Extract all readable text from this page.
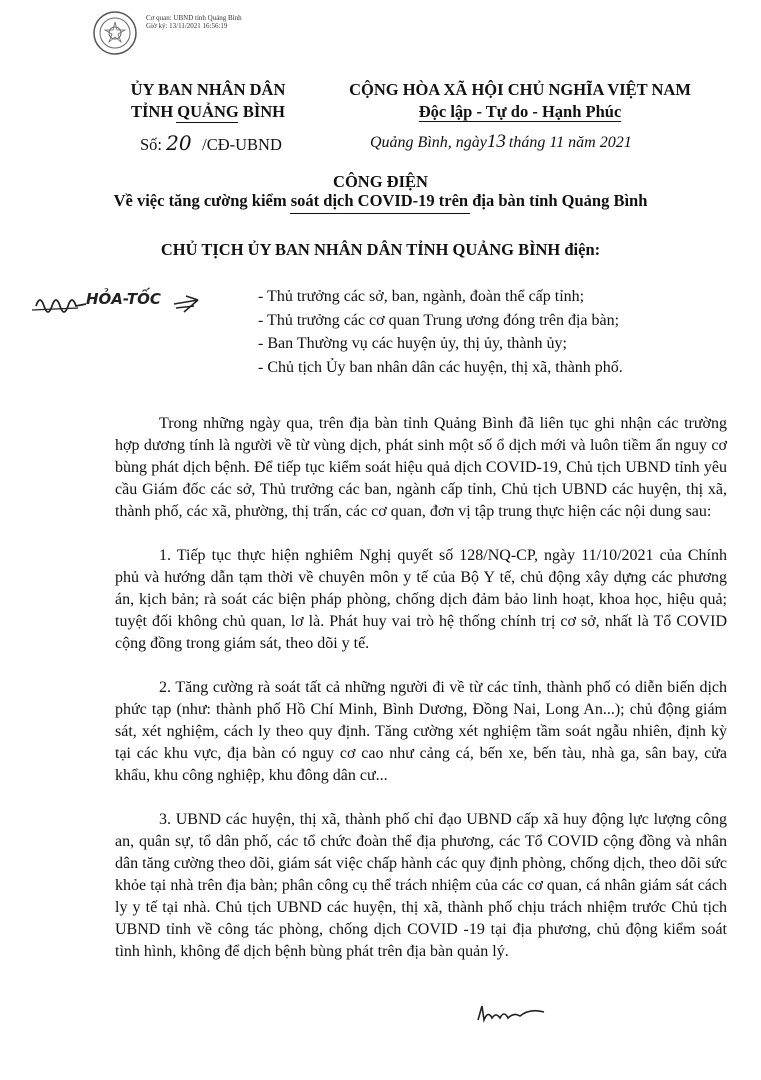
Cơ quan: UBND tỉnh Quảng Bình
Giờ ký: 13/11/2021 16:56:19
ỦY BAN NHÂN DÂN
TỈNH QUẢNG BÌNH
CỘNG HÒA XÃ HỘI CHỦ NGHĨA VIỆT NAM
Độc lập - Tự do - Hạnh Phúc
Số: 20 /CĐ-UBND	Quảng Bình, ngày13 tháng 11 năm 2021
CÔNG ĐIỆN
Về việc tăng cường kiểm soát dịch COVID-19 trên địa bàn tỉnh Quảng Bình
CHỦ TỊCH ỦY BAN NHÂN DÂN TỈNH QUẢNG BÌNH điện:
HỎA-TỐC	- Thủ trưởng các sở, ban, ngành, đoàn thể cấp tỉnh;
- Thủ trưởng các cơ quan Trung ương đóng trên địa bàn;
- Ban Thường vụ các huyện ủy, thị ủy, thành ủy;
- Chủ tịch Ủy ban nhân dân các huyện, thị xã, thành phố.

Trong những ngày qua, trên địa bàn tỉnh Quảng Bình đã liên tục ghi nhận các trường hợp dương tính là người về từ vùng dịch, phát sinh một số ổ dịch mới và luôn tiềm ẩn nguy cơ bùng phát dịch bệnh. Để tiếp tục kiểm soát hiệu quả dịch COVID-19, Chủ tịch UBND tỉnh yêu cầu Giám đốc các sở, Thủ trưởng các ban, ngành cấp tỉnh, Chủ tịch UBND các huyện, thị xã, thành phố, các xã, phường, thị trấn, các cơ quan, đơn vị tập trung thực hiện các nội dung sau:

1. Tiếp tục thực hiện nghiêm Nghị quyết số 128/NQ-CP, ngày 11/10/2021 của Chính phủ và hướng dẫn tạm thời về chuyên môn y tế của Bộ Y tế, chủ động xây dựng các phương án, kịch bản; rà soát các biện pháp phòng, chống dịch đảm bảo linh hoạt, khoa học, hiệu quả; tuyệt đối không chủ quan, lơ là. Phát huy vai trò hệ thống chính trị cơ sở, nhất là Tổ COVID cộng đồng trong giám sát, theo dõi y tế.

2. Tăng cường rà soát tất cả những người đi về từ các tỉnh, thành phố có diễn biến dịch phức tạp (như: thành phố Hồ Chí Minh, Bình Dương, Đồng Nai, Long An...); chủ động giám sát, xét nghiệm, cách ly theo quy định. Tăng cường xét nghiệm tầm soát ngẫu nhiên, định kỳ tại các khu vực, địa bàn có nguy cơ cao như cảng cá, bến xe, bến tàu, nhà ga, sân bay, cửa khẩu, khu công nghiệp, khu đông dân cư...

3. UBND các huyện, thị xã, thành phố chỉ đạo UBND cấp xã huy động lực lượng công an, quân sự, tổ dân phố, các tổ chức đoàn thể địa phương, các Tổ COVID cộng đồng và nhân dân tăng cường theo dõi, giám sát việc chấp hành các quy định phòng, chống dịch, theo dõi sức khỏe tại nhà trên địa bàn; phân công cụ thể trách nhiệm của các cơ quan, cá nhân giám sát cách ly y tế tại nhà. Chủ tịch UBND các huyện, thị xã, thành phố chịu trách nhiệm trước Chủ tịch UBND tỉnh về công tác phòng, chống dịch COVID -19 tại địa phương, chủ động kiểm soát tình hình, không để dịch bệnh bùng phát trên địa bàn quản lý.
